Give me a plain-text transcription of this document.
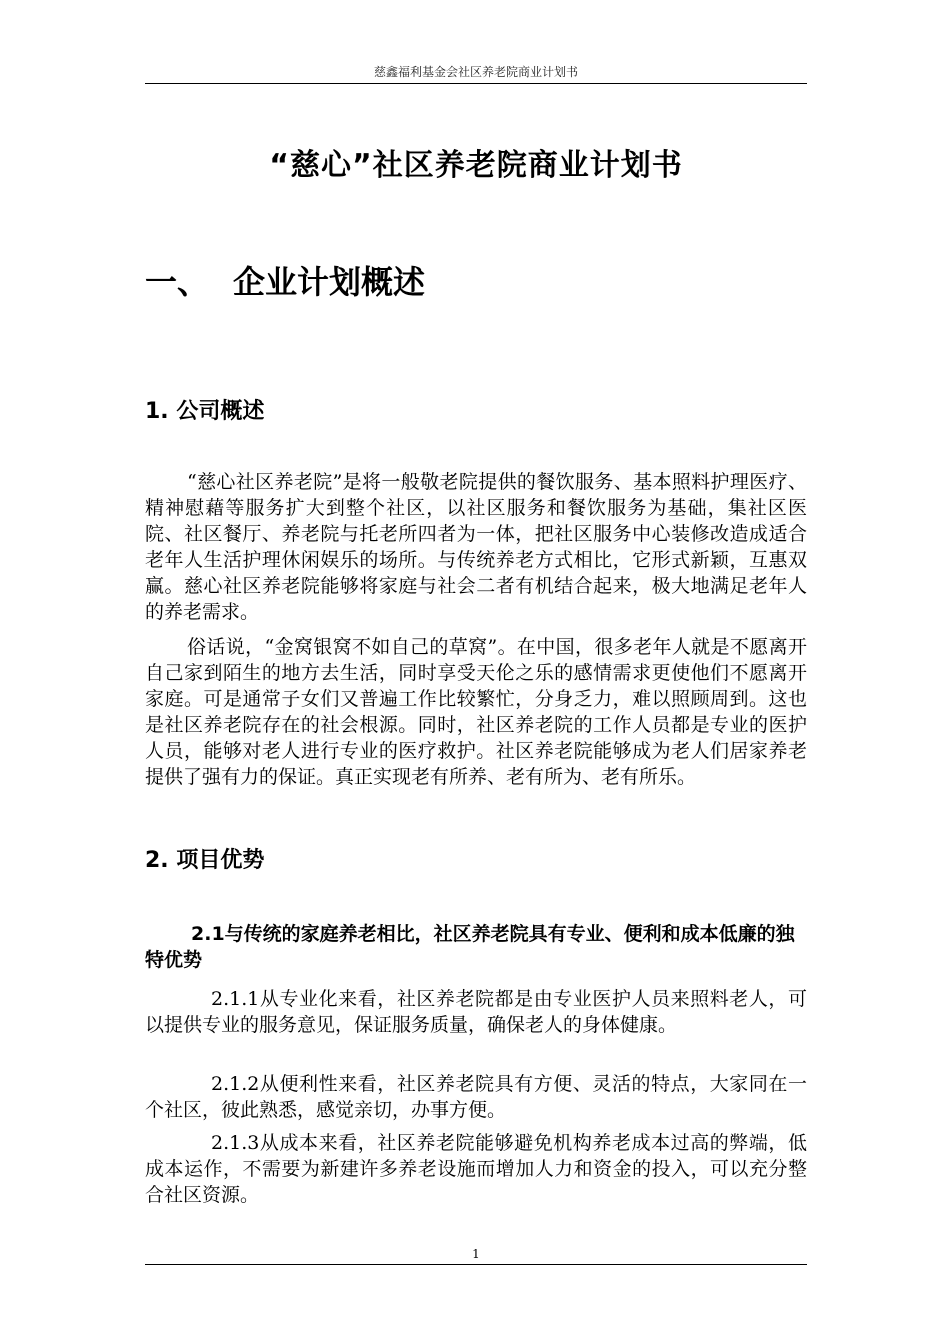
慈鑫福利基金会社区养老院商业计划书
“慈心”社区养老院商业计划书
一、 企业计划概述
1. 公司概述

“慈心社区养老院”是将一般敬老院提供的餐饮服务、基本照料护理医疗、精神慰藉等服务扩大到整个社区，以社区服务和餐饮服务为基础，集社区医院、社区餐厅、养老院与托老所四者为一体，把社区服务中心装修改造成适合老年人生活护理休闲娱乐的场所。与传统养老方式相比，它形式新颖，互惠双赢。慈心社区养老院能够将家庭与社会二者有机结合起来，极大地满足老年人的养老需求。

俗话说，“金窝银窝不如自己的草窝”。在中国，很多老年人就是不愿离开自己家到陌生的地方去生活，同时享受天伦之乐的感情需求更使他们不愿离开家庭。可是通常子女们又普遍工作比较繁忙，分身乏力，难以照顾周到。这也是社区养老院存在的社会根源。同时，社区养老院的工作人员都是专业的医护人员，能够对老人进行专业的医疗救护。社区养老院能够成为老人们居家养老提供了强有力的保证。真正实现老有所养、老有所为、老有所乐。

2. 项目优势
2.1与传统的家庭养老相比，社区养老院具有专业、便利和成本低廉的独特优势

2.1.1从专业化来看，社区养老院都是由专业医护人员来照料老人，可以提供专业的服务意见，保证服务质量，确保老人的身体健康。

2.1.2从便利性来看，社区养老院具有方便、灵活的特点，大家同在一个社区，彼此熟悉，感觉亲切，办事方便。

2.1.3从成本来看，社区养老院能够避免机构养老成本过高的弊端，低成本运作，不需要为新建许多养老设施而增加人力和资金的投入，可以充分整合社区资源。

1
